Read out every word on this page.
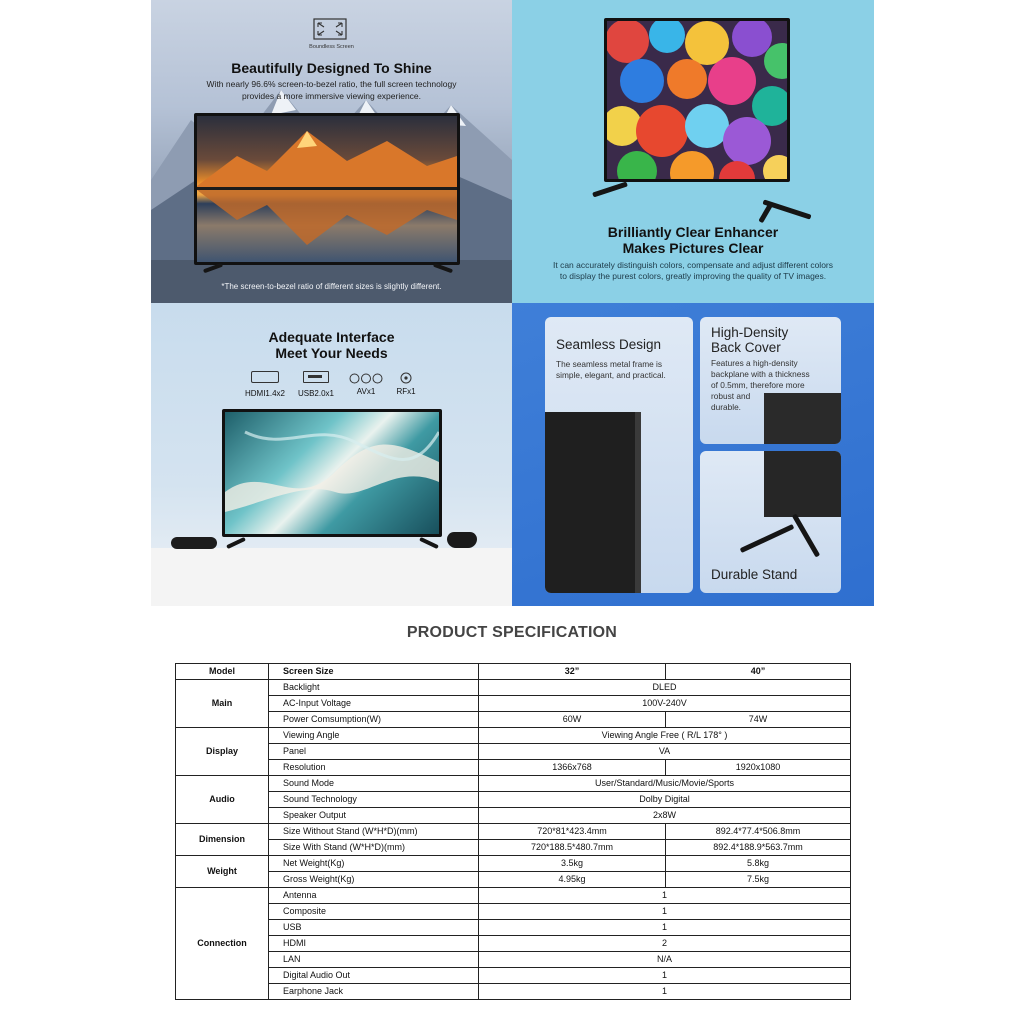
Boundless Screen
Beautifully Designed To Shine
With nearly 96.6% screen-to-bezel ratio, the full screen technology
provides a more immersive viewing experience.
*The screen-to-bezel ratio of different sizes is slightly different.
Brilliantly Clear Enhancer
Makes Pictures Clear
It can accurately distinguish colors, compensate and adjust different colors
to display the purest colors, greatly improving the quality of TV images.
Adequate Interface
Meet Your Needs
HDMI1.4x2	USB2.0x1	AVx1	RFx1
Seamless Design
The seamless metal frame is
simple, elegant, and practical.
High-Density
Back Cover
Features a high-density
backplane with a thickness
of 0.5mm, therefore more
robust and
durable.
Durable Stand
PRODUCT SPECIFICATION
Model	Screen Size	32”	40”
Main	Backlight	DLED	
	AC-Input Voltage	100V-240V	
	Power Comsumption(W)	60W	74W
Display	Viewing Angle	Viewing Angle Free ( R/L 178° )	
	Panel	VA	
	Resolution	1366x768	1920x1080
Audio	Sound Mode	User/Standard/Music/Movie/Sports	
	Sound Technology	Dolby Digital	
	Speaker Output	2x8W	
Dimension	Size Without Stand (W*H*D)(mm)	720*81*423.4mm	892.4*77.4*506.8mm
	Size With Stand (W*H*D)(mm)	720*188.5*480.7mm	892.4*188.9*563.7mm
Weight	Net Weight(Kg)	3.5kg	5.8kg
	Gross Weight(Kg)	4.95kg	7.5kg
Connection	Antenna	1	
	Composite	1	
	USB	1	
	HDMI	2	
	LAN	N/A	
	Digital Audio Out	1	
	Earphone Jack	1	
